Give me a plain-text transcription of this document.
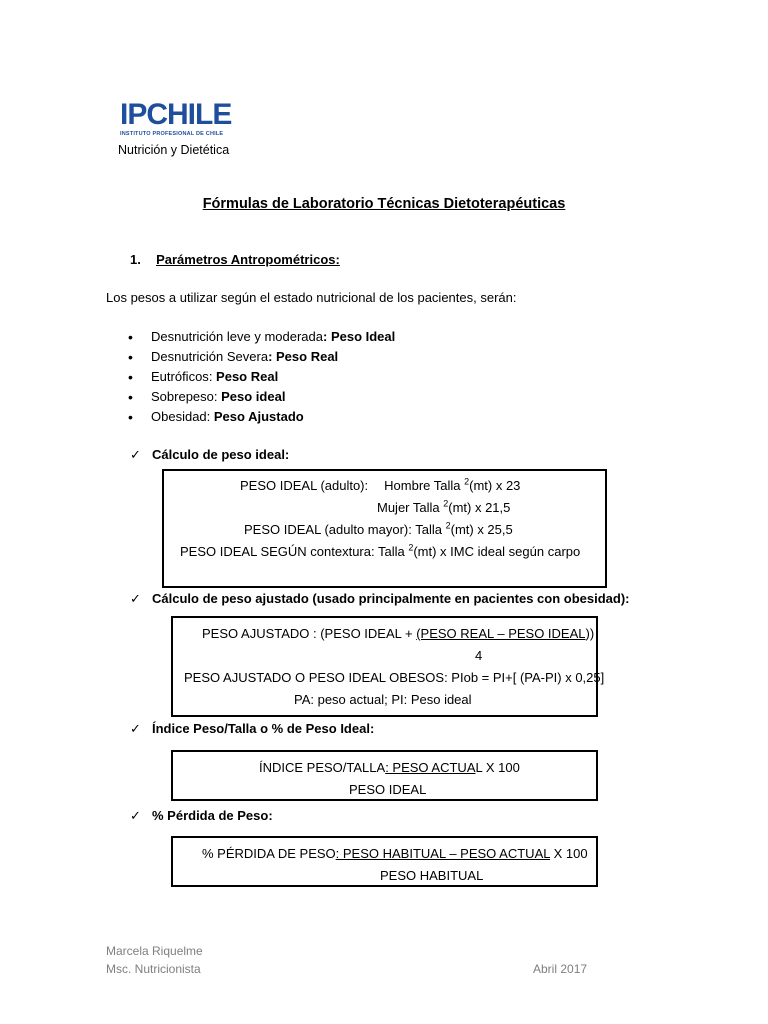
IPCHILE
INSTITUTO PROFESIONAL DE CHILE
Nutrición y Dietética
Fórmulas de Laboratorio Técnicas Dietoterapéuticas
1. Parámetros Antropométricos:
Los pesos a utilizar según el estado nutricional de los pacientes, serán:
• Desnutrición leve y moderada: Peso Ideal
• Desnutrición Severa: Peso Real
• Eutróficos: Peso Real
• Sobrepeso: Peso ideal
• Obesidad: Peso Ajustado
✓ Cálculo de peso ideal:
PESO IDEAL (adulto): Hombre Talla $^2$(mt) x 23
Mujer Talla $^2$(mt) x 21,5
PESO IDEAL (adulto mayor): Talla $^2$(mt) x 25,5
PESO IDEAL SEGÚN contextura: Talla $^2$(mt) x IMC ideal según carpo
✓ Cálculo de peso ajustado (usado principalmente en pacientes con obesidad):
PESO AJUSTADO : (PESO IDEAL + (PESO REAL – PESO IDEAL))
4
PESO AJUSTADO O PESO IDEAL OBESOS: PIob = PI+[ (PA-PI) x 0,25]
PA: peso actual; PI: Peso ideal
✓ Índice Peso/Talla o % de Peso Ideal:
ÍNDICE PESO/TALLA: PESO ACTUAL X 100
PESO IDEAL
✓ % Pérdida de Peso:
% PÉRDIDA DE PESO: PESO HABITUAL – PESO ACTUAL X 100
PESO HABITUAL
Marcela Riquelme
Msc. Nutricionista	Abril 2017
